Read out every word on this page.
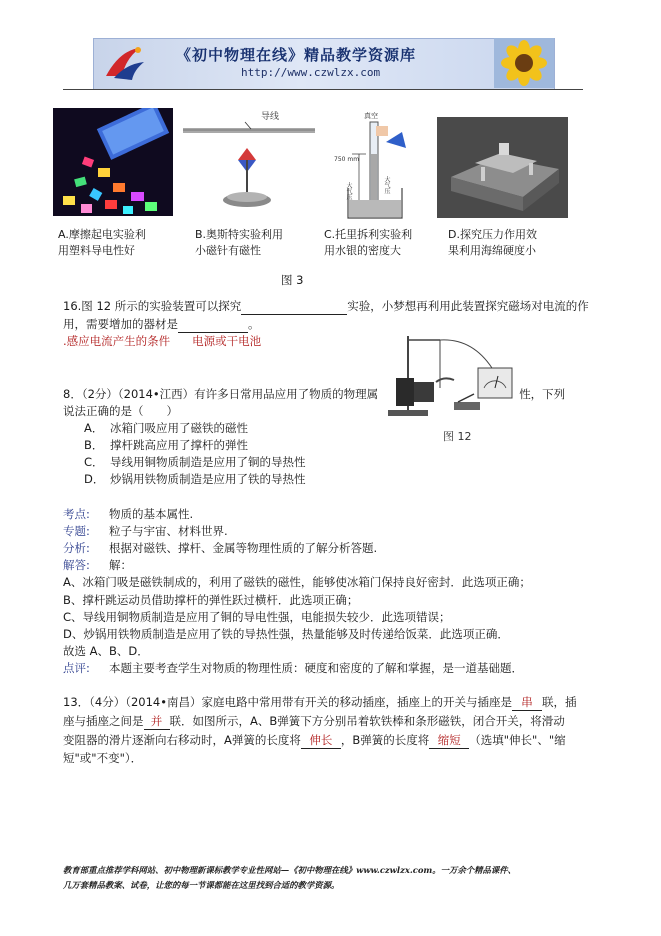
《初中物理在线》精品教学资源库
http://www.czwlzx.com
导线	真空
750 mm
大气压
大气压
A.摩擦起电实验利
用塑料导电性好
B.奥斯特实验利用
小磁针有磁性
C.托里拆利实验利
用水银的密度大
D.探究压力作用效
果利用海绵硬度小
图 3
16.图 12 所示的实验装置可以探究	实验，小梦想再利用此装置探究磁场对电流的作
用，需要增加的器材是	。
.感应电流产生的条件 电源或干电池
图 12
8．（2分）（2014•江西）有许多日常用品应用了物质的物理属	性，下列
说法正确的是（　　）
A． 冰箱门吸应用了磁铁的磁性
B． 撑杆跳高应用了撑杆的弹性
C． 导线用铜物质制造是应用了铜的导热性
D． 炒锅用铁物质制造是应用了铁的导热性
考点: 物质的基本属性.
专题: 粒子与宇宙、材料世界.
分析: 根据对磁铁、撑杆、金属等物理性质的了解分析答题.
解答: 解：
A、冰箱门吸是磁铁制成的，利用了磁铁的磁性，能够使冰箱门保持良好密封．此选项正确；
B、撑杆跳运动员借助撑杆的弹性跃过横杆．此选项正确；
C、导线用铜物质制造是应用了铜的导电性强，电能损失较少．此选项错误；
D、炒锅用铁物质制造是应用了铁的导热性强，热量能够及时传递给饭菜．此选项正确．
故选 A、B、D．
点评: 本题主要考查学生对物质的物理性质：硬度和密度的了解和掌握，是一道基础题．
13．（4分）（2014•南昌）家庭电路中常用带有开关的移动插座，插座上的开关与插座是 串 联，插
座与插座之间是 并 联．如图所示，A、B弹簧下方分别吊着软铁棒和条形磁铁，闭合开关，将滑动
变阻器的滑片逐渐向右移动时，A弹簧的长度将 伸长 ，B弹簧的长度将 缩短 （选填"伸长"、"缩
短"或"不变"）．
教育部重点推荐学科网站、初中物理新课标教学专业性网站—《初中物理在线》www.czwlzx.com。一万余个精品课件、
几万套精品教案、试卷，让您的每一节课都能在这里找到合适的教学资源。
